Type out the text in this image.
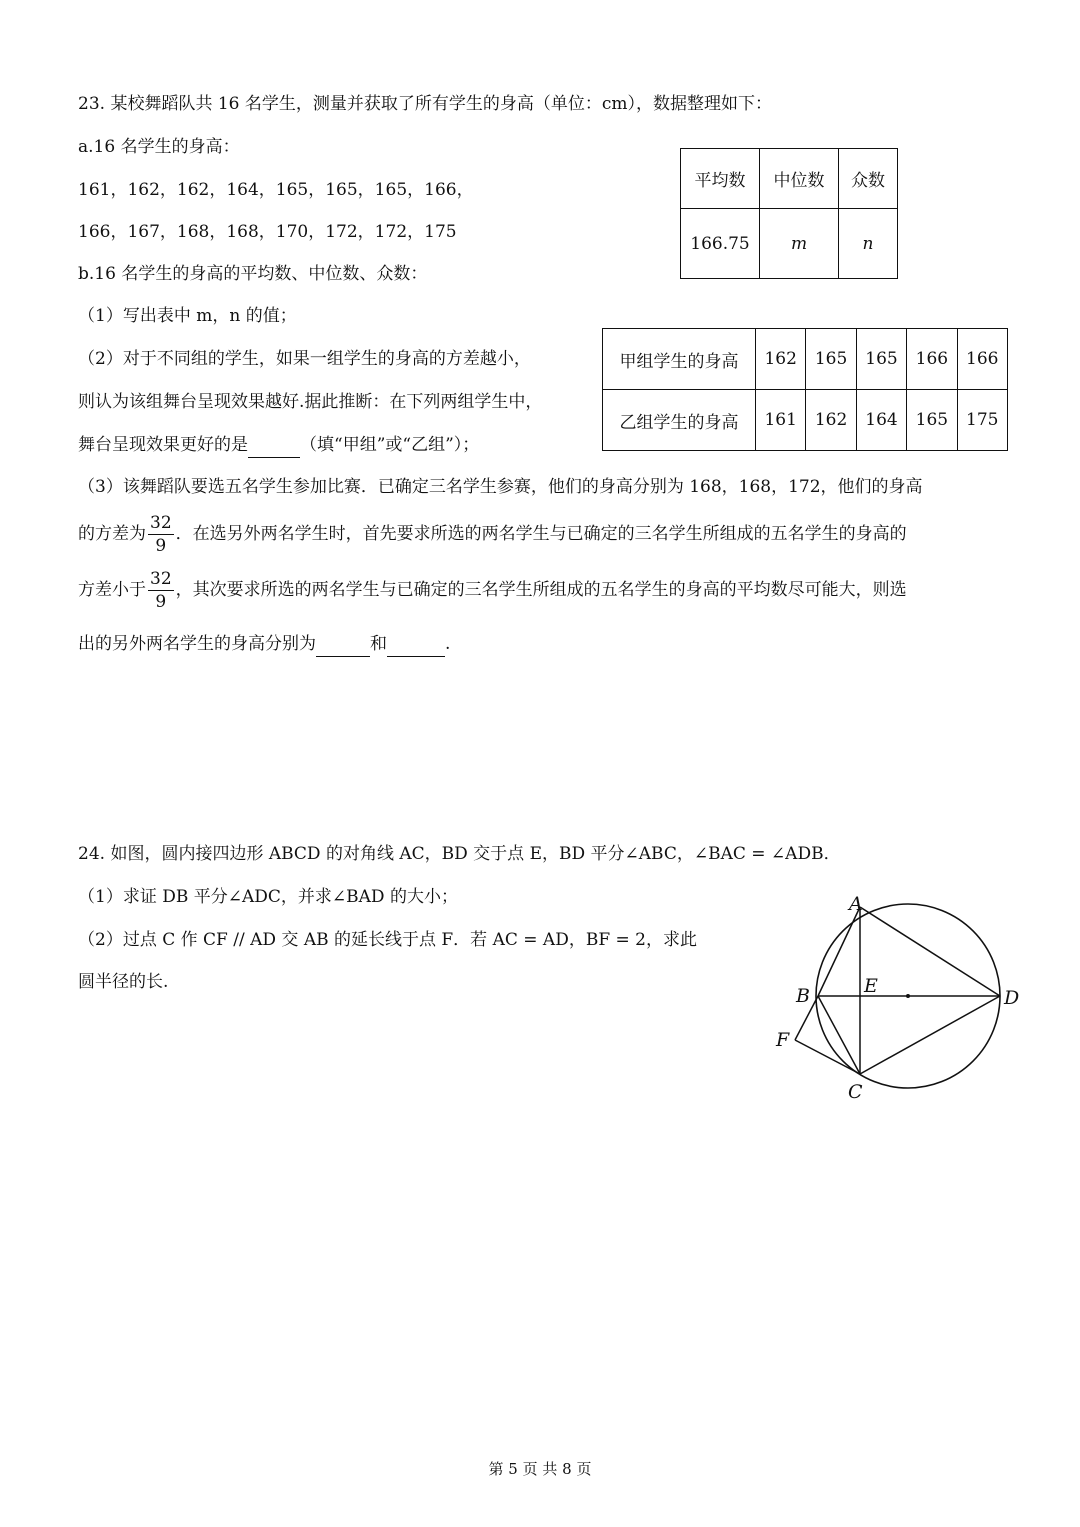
23. 某校舞蹈队共 16 名学生，测量并获取了所有学生的身高（单位：cm），数据整理如下：
a.16 名学生的身高：
161，162，162，164，165，165，165，166，
166，167，168，168，170，172，172，175
b.16 名学生的身高的平均数、中位数、众数：
平均数	中位数	众数
166.75	m	n
（1）写出表中 m，n 的值；
（2）对于不同组的学生，如果一组学生的身高的方差越小，
则认为该组舞台呈现效果越好.据此推断：在下列两组学生中，
舞台呈现效果更好的是	（填“甲组”或“乙组”）；
甲组学生的身高	162	165	165	166	166
乙组学生的身高	161	162	164	165	175
（3）该舞蹈队要选五名学生参加比赛．已确定三名学生参赛，他们的身高分别为 168，168，172，他们的身高
的方差为 $\frac{32}{9}$ ．在选另外两名学生时，首先要求所选的两名学生与已确定的三名学生所组成的五名学生的身高的
方差小于 $\frac{32}{9}$ ，其次要求所选的两名学生与已确定的三名学生所组成的五名学生的身高的平均数尽可能大，则选
出的另外两名学生的身高分别为	和	.
24. 如图，圆内接四边形 ABCD 的对角线 AC，BD 交于点 E，BD 平分∠ABC，∠BAC = ∠ADB．
（1）求证 DB 平分∠ADC，并求∠BAD 的大小；
（2）过点 C 作 CF // AD 交 AB 的延长线于点 F．若 AC = AD，BF = 2，求此
圆半径的长.
A
B
C
D
E
F
第 5 页 共 8 页
